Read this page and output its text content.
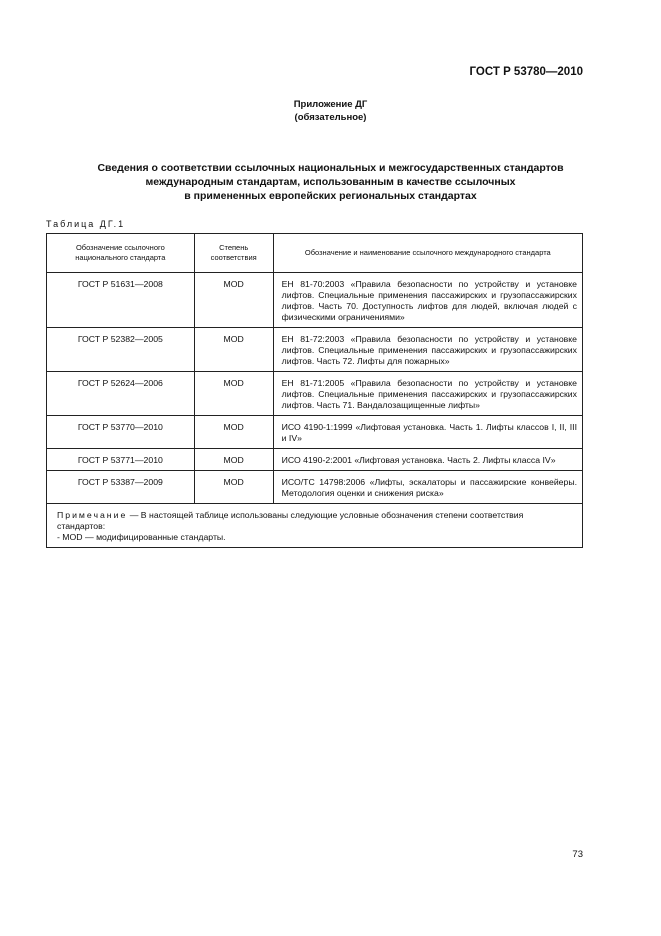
ГОСТ Р 53780—2010
Приложение ДГ
(обязательное)
Сведения о соответствии ссылочных национальных и межгосударственных стандартов
международным стандартам, использованным в качестве ссылочных
в примененных европейских региональных стандартах
Таблица ДГ.1
Обозначение ссылочного национального стандарта	Степень соответствия	Обозначение и наименование ссылочного международного стандарта
ГОСТ Р 51631—2008	MOD	ЕН 81-70:2003 «Правила безопасности по устройству и установке лифтов. Специальные применения пассажирских и грузопассажирских лифтов. Часть 70. Доступность лифтов для людей, включая людей с физическими ограничениями»
ГОСТ Р 52382—2005	MOD	ЕН 81-72:2003 «Правила безопасности по устройству и установке лифтов. Специальные применения пассажирских и грузопассажирских лифтов. Часть 72. Лифты для пожарных»
ГОСТ Р 52624—2006	MOD	ЕН 81-71:2005 «Правила безопасности по устройству и установке лифтов. Специальные применения пассажирских и грузопассажирских лифтов. Часть 71. Вандалозащищенные лифты»
ГОСТ Р 53770—2010	MOD	ИСО 4190-1:1999 «Лифтовая установка. Часть 1. Лифты классов I, II, III и IV»
ГОСТ Р 53771—2010	MOD	ИСО 4190-2:2001 «Лифтовая установка. Часть 2. Лифты класса IV»
ГОСТ Р 53387—2009	MOD	ИСО/ТС 14798:2006 «Лифты, эскалаторы и пассажирские конвейеры. Методология оценки и снижения риска»
Примечание — В настоящей таблице использованы следующие условные обозначения степени соответствия стандартов:
- MOD — модифицированные стандарты.		
73
